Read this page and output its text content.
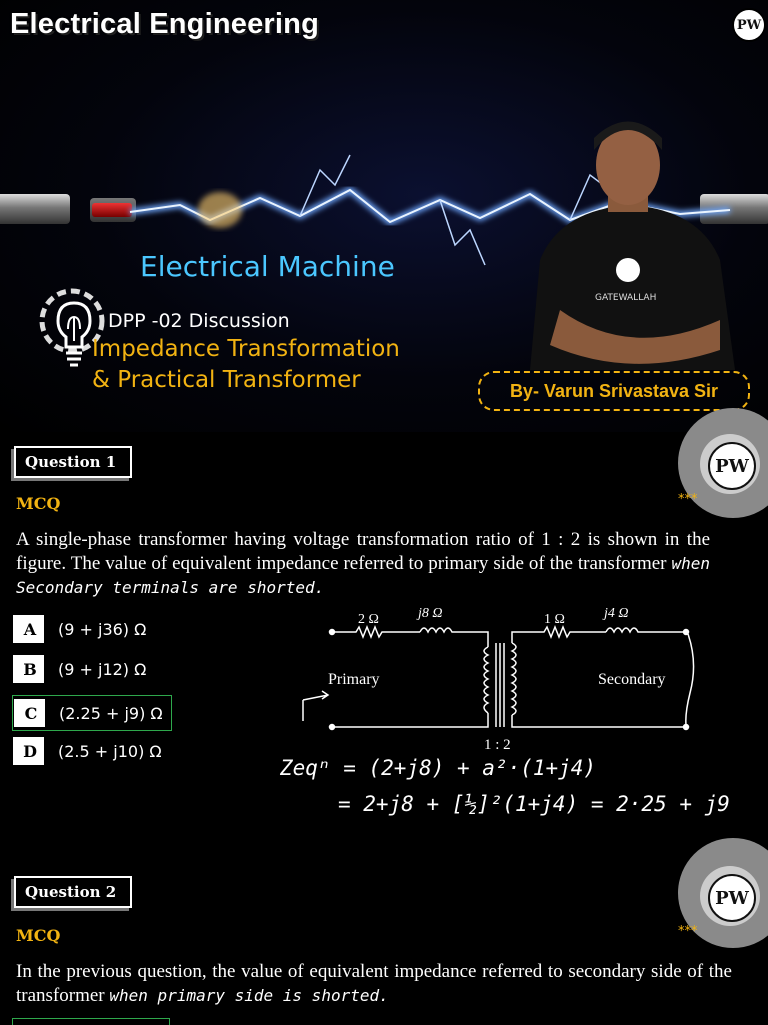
Electrical Engineering	PW
GATEWALLAH
Electrical Machine
DPP -02 Discussion
Impedance Transformation
& Practical Transformer	By- Varun Srivastava Sir
Question 1	PW
MCQ	***
A single-phase transformer having voltage transformation ratio of 1 : 2 is shown in the figure. The value of equivalent impedance referred to primary side of the transformer when Secondary terminals are shorted.
A	(9 + j36) Ω
B	(9 + j12) Ω
C	(2.25 + j9) Ω
D	(2.5 + j10) Ω
2 Ω	j8 Ω	1 Ω	j4 Ω
Primary	Secondary
1 : 2
Zeqⁿ = (2+j8) + a²·(1+j4)
= 2+j8 + [½]²(1+j4) = 2·25 + j9
Question 2	PW
MCQ	***
In the previous question, the value of equivalent impedance referred to secondary side of the transformer when primary side is shorted.
